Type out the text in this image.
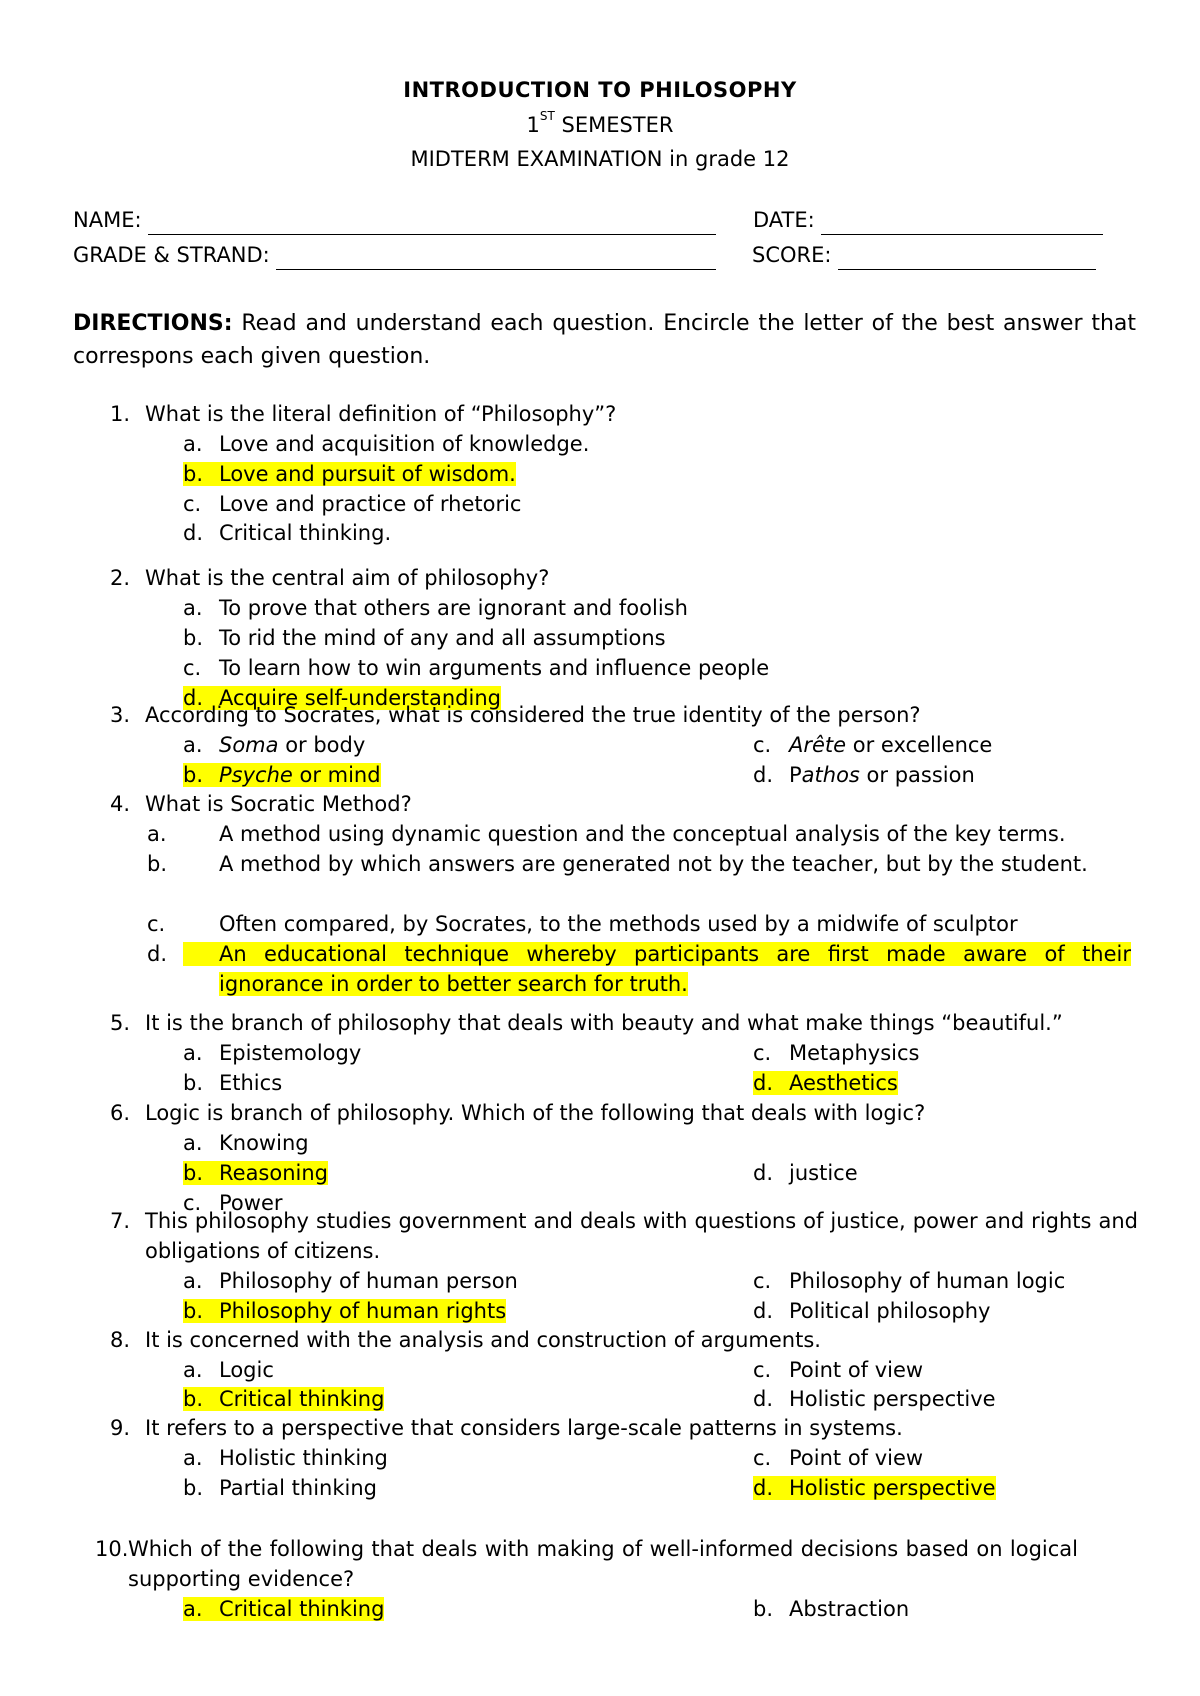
INTRODUCTION TO PHILOSOPHY
1ST SEMESTER
MIDTERM EXAMINATION in grade 12
NAME:	DATE:
GRADE & STRAND:	SCORE:
DIRECTIONS: Read and understand each question. Encircle the letter of the best answer that correspons each given question.
1. What is the literal definition of “Philosophy”?
a. Love and acquisition of knowledge.
b. Love and pursuit of wisdom.
c. Love and practice of rhetoric
d. Critical thinking.
2. What is the central aim of philosophy?
a. To prove that others are ignorant and foolish
b. To rid the mind of any and all assumptions
c. To learn how to win arguments and influence people
d. Acquire self-understanding
3. According to Socrates, what is considered the true identity of the person?
a. Soma or body
b. Psyche or mind
c. Arête or excellence
d. Pathos or passion
4. What is Socratic Method?
a. A method using dynamic question and the conceptual analysis of the key terms.
b. A method by which answers are generated not by the teacher, but by the student.
c.	Often compared, by Socrates, to the methods used by a midwife of sculptor
d. An educational technique whereby participants are first made aware of their ignorance in order to better search for truth.
5. It is the branch of philosophy that deals with beauty and what make things “beautiful.”
a. Epistemology
b. Ethics
c. Metaphysics
d. Aesthetics
6. Logic is branch of philosophy. Which of the following that deals with logic?
a. Knowing
b. Reasoning
c. Power
d. justice
7. This philosophy studies government and deals with questions of justice, power and rights and obligations of citizens.
a. Philosophy of human person
b. Philosophy of human rights
c. Philosophy of human logic
d. Political philosophy
8. It is concerned with the analysis and construction of arguments.
a. Logic
b. Critical thinking
c. Point of view
d. Holistic perspective
9. It refers to a perspective that considers large-scale patterns in systems.
a. Holistic thinking
b. Partial thinking
c. Point of view
d. Holistic perspective
10. Which of the following that deals with making of well-informed decisions based on logical supporting evidence?
a. Critical thinking	b. Abstraction
